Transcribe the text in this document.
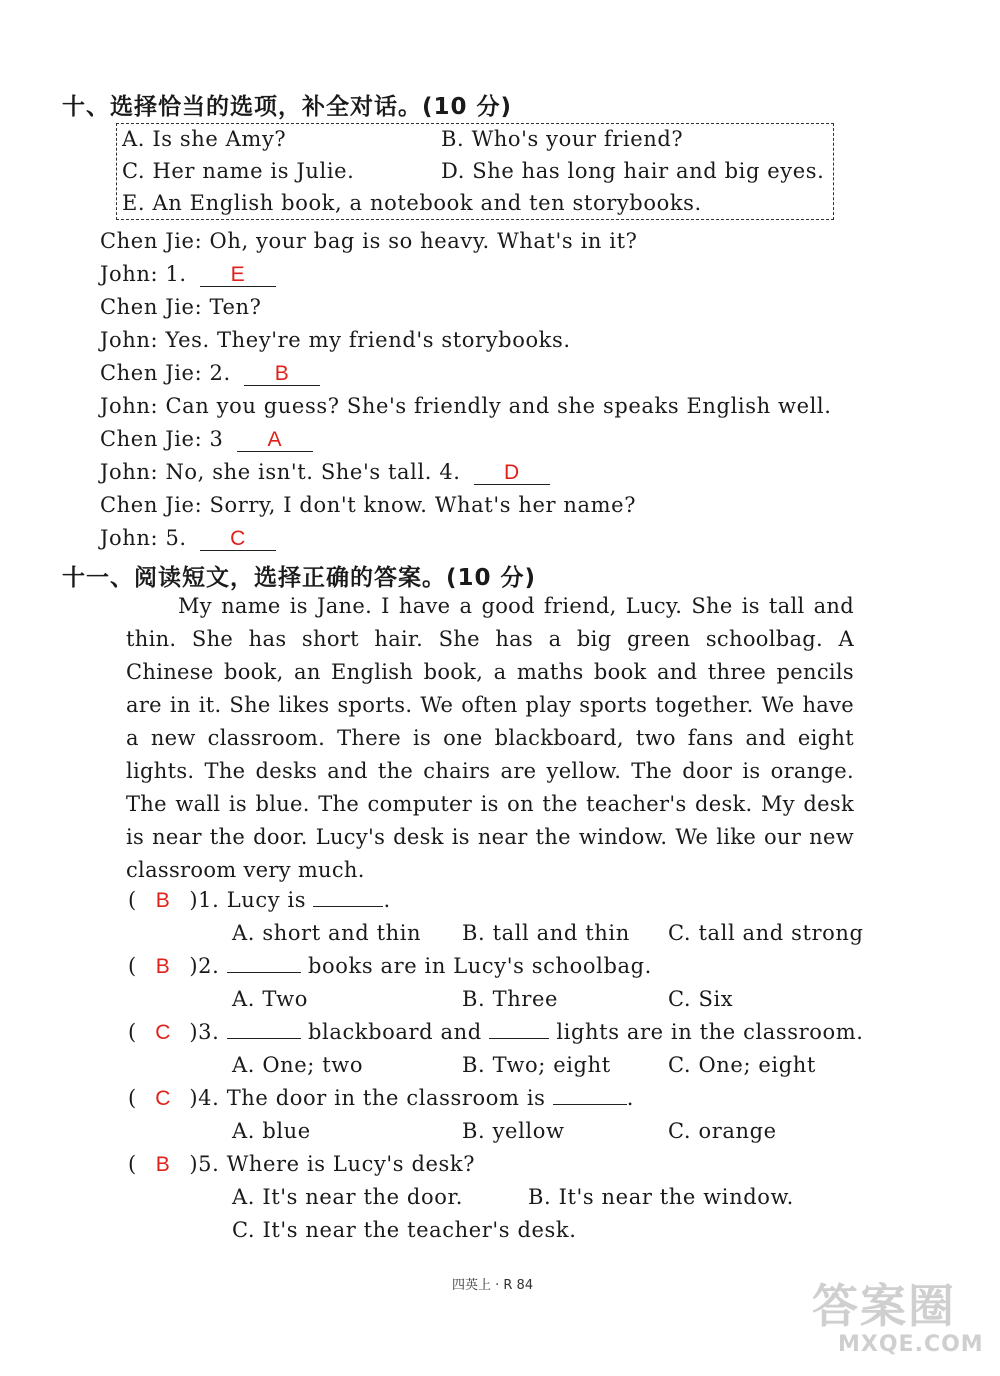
十、选择恰当的选项，补全对话。(10 分)
A. Is she Amy?	B. Who's your friend?
C. Her name is Julie.	D. She has long hair and big eyes.
E. An English book, a notebook and ten storybooks.
Chen Jie: Oh, your bag is so heavy. What's in it?
John: 1. E
Chen Jie: Ten?
John: Yes. They're my friend's storybooks.
Chen Jie: 2. B
John: Can you guess? She's friendly and she speaks English well.
Chen Jie: 3 A
John: No, she isn't. She's tall. 4. D
Chen Jie: Sorry, I don't know. What's her name?
John: 5. C
十一、阅读短文，选择正确的答案。(10 分)
My name is Jane. I have a good friend, Lucy. She is tall and thin. She has short hair. She has a big green schoolbag. A Chinese book, an English book, a maths book and three pencils are in it. She likes sports. We often play sports together. We have a new classroom. There is one blackboard, two fans and eight lights. The desks and the chairs are yellow. The door is orange. The wall is blue. The computer is on the teacher's desk. My desk is near the door. Lucy's desk is near the window. We like our new classroom very much.
( B )1. Lucy is	.
A. short and thin B. tall and thin C. tall and strong
( B )2.	books are in Lucy's schoolbag.
A. Two	B. Three	C. Six
( C )3.	blackboard and	lights are in the classroom.
A. One; two	B. Two; eight	C. One; eight
( C )4. The door in the classroom is	.
A. blue	B. yellow	C. orange
( B )5. Where is Lucy's desk?
A. It's near the door.	B. It's near the window.
C. It's near the teacher's desk.
四英上 · R 84	答案圈
MXQE.COM
